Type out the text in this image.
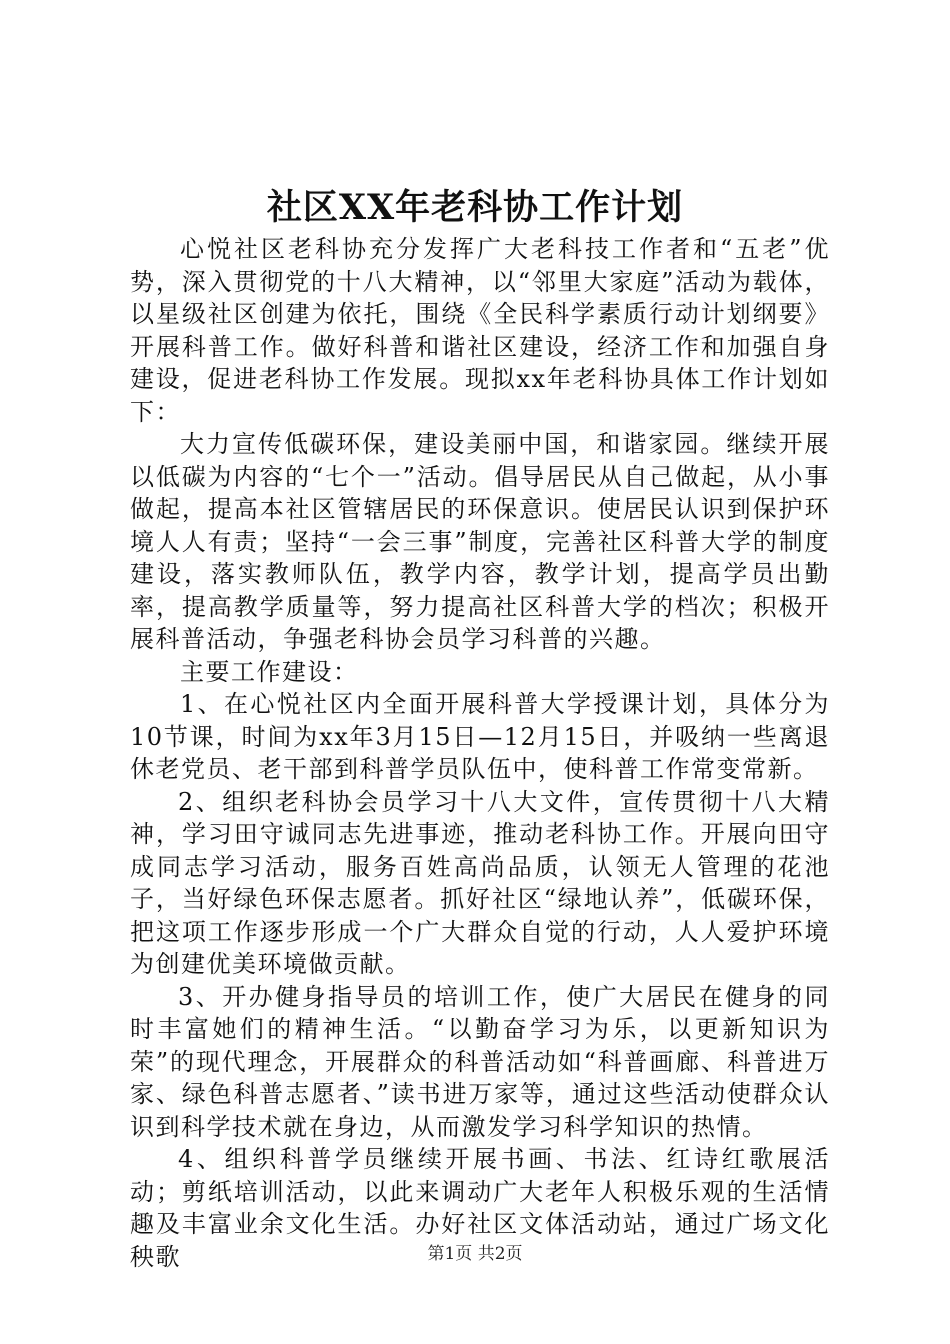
社区XX年老科协工作计划

心悦社区老科协充分发挥广大老科技工作者和“五老”优势，深入贯彻党的十八大精神，以“邻里大家庭”活动为载体，以星级社区创建为依托，围绕《全民科学素质行动计划纲要》开展科普工作。做好科普和谐社区建设，经济工作和加强自身建设，促进老科协工作发展。现拟xx年老科协具体工作计划如下：

大力宣传低碳环保，建设美丽中国，和谐家园。继续开展以低碳为内容的“七个一”活动。倡导居民从自己做起，从小事做起，提高本社区管辖居民的环保意识。使居民认识到保护环境人人有责；坚持“一会三事”制度，完善社区科普大学的制度建设，落实教师队伍，教学内容，教学计划，提高学员出勤率，提高教学质量等，努力提高社区科普大学的档次；积极开展科普活动，争强老科协会员学习科普的兴趣。

主要工作建设：

1、在心悦社区内全面开展科普大学授课计划，具体分为10节课，时间为xx年3月15日—12月15日，并吸纳一些离退休老党员、老干部到科普学员队伍中，使科普工作常变常新。

2、组织老科协会员学习十八大文件，宣传贯彻十八大精神，学习田守诚同志先进事迹，推动老科协工作。开展向田守成同志学习活动，服务百姓高尚品质，认领无人管理的花池子，当好绿色环保志愿者。抓好社区“绿地认养”，低碳环保，把这项工作逐步形成一个广大群众自觉的行动，人人爱护环境为创建优美环境做贡献。

3、开办健身指导员的培训工作，使广大居民在健身的同时丰富她们的精神生活。“以勤奋学习为乐，以更新知识为荣”的现代理念，开展群众的科普活动如“科普画廊、科普进万家、绿色科普志愿者、”读书进万家等，通过这些活动使群众认识到科学技术就在身边，从而激发学习科学知识的热情。

4、组织科普学员继续开展书画、书法、红诗红歌展活动；剪纸培训活动，以此来调动广大老年人积极乐观的生活情趣及丰富业余文化生活。办好社区文体活动站，通过广场文化秧歌	第1页 共2页
